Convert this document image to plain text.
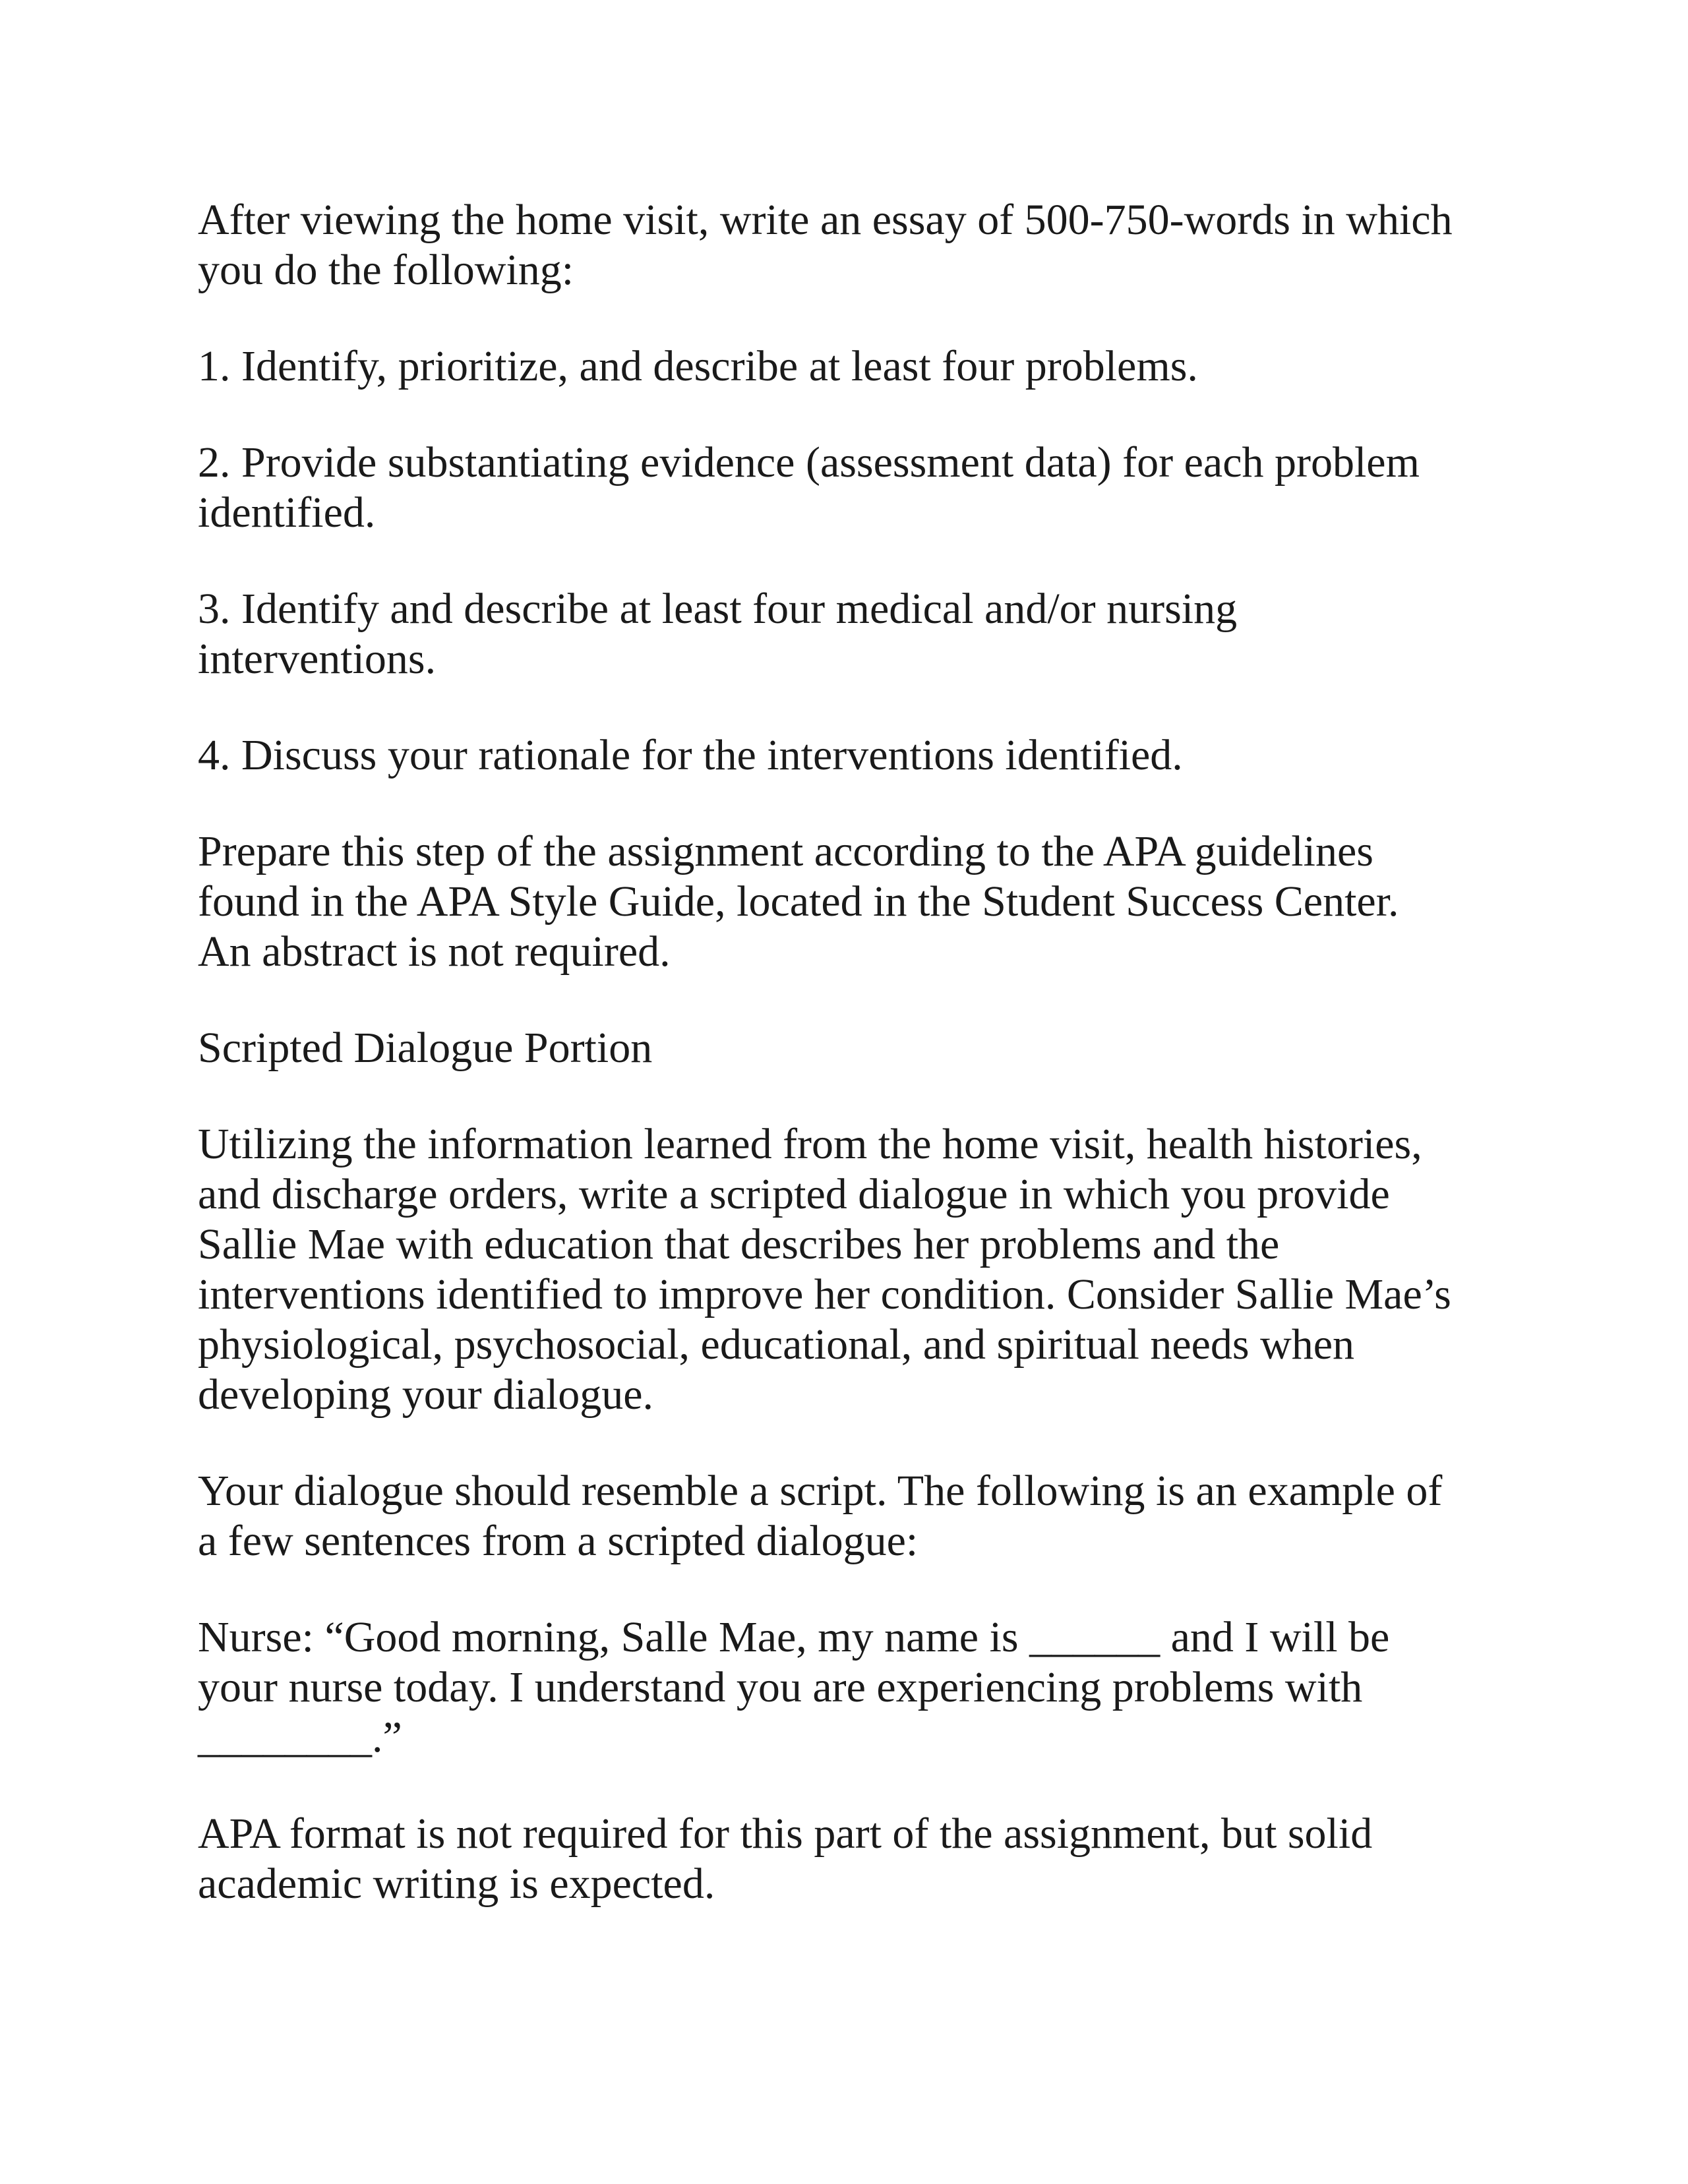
After viewing the home visit, write an essay of 500-750-words in which
you do the following:

1. Identify, prioritize, and describe at least four problems.

2. Provide substantiating evidence (assessment data) for each problem
identified.

3. Identify and describe at least four medical and/or nursing
interventions.

4. Discuss your rationale for the interventions identified.

Prepare this step of the assignment according to the APA guidelines
found in the APA Style Guide, located in the Student Success Center.
An abstract is not required.

Scripted Dialogue Portion

Utilizing the information learned from the home visit, health histories,
and discharge orders, write a scripted dialogue in which you provide
Sallie Mae with education that describes her problems and the
interventions identified to improve her condition. Consider Sallie Mae’s
physiological, psychosocial, educational, and spiritual needs when
developing your dialogue.

Your dialogue should resemble a script. The following is an example of
a few sentences from a scripted dialogue:

Nurse: “Good morning, Salle Mae, my name is ______ and I will be
your nurse today. I understand you are experiencing problems with
________.”

APA format is not required for this part of the assignment, but solid
academic writing is expected.
